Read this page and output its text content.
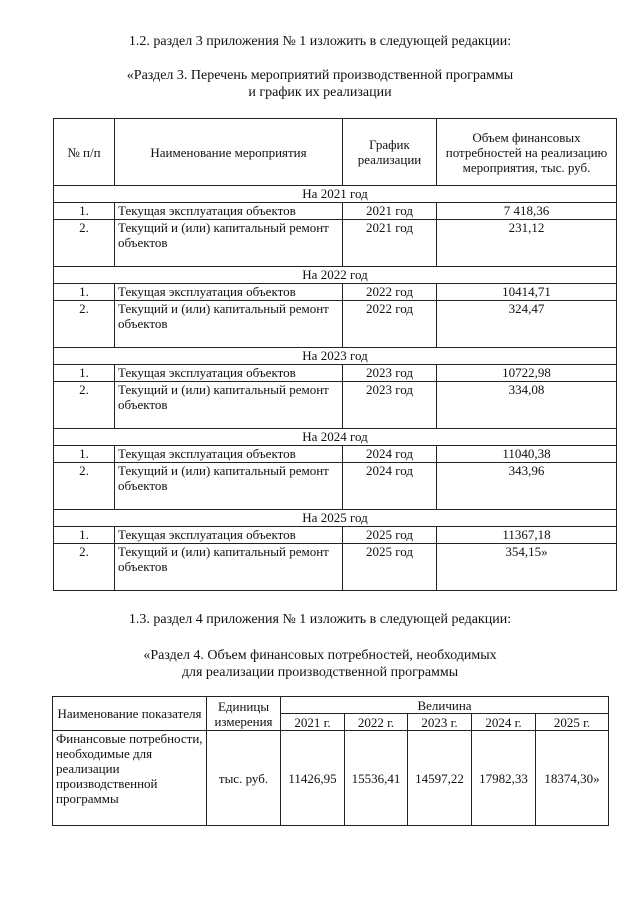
1.2. раздел 3 приложения № 1 изложить в следующей редакции:
«Раздел 3. Перечень мероприятий производственной программы
и график их реализации
№ п/п	Наименование мероприятия	График реализации	Объем финансовых потребностей на реализацию мероприятия, тыс. руб.
На 2021 год			
1.	Текущая эксплуатация объектов	2021 год	7 418,36
2.	Текущий и (или) капитальный ремонт объектов	2021 год	231,12
На 2022 год			
1.	Текущая эксплуатация объектов	2022 год	10414,71
2.	Текущий и (или) капитальный ремонт объектов	2022 год	324,47
На 2023 год			
1.	Текущая эксплуатация объектов	2023 год	10722,98
2.	Текущий и (или) капитальный ремонт объектов	2023 год	334,08
На 2024 год			
1.	Текущая эксплуатация объектов	2024 год	11040,38
2.	Текущий и (или) капитальный ремонт объектов	2024 год	343,96
На 2025 год			
1.	Текущая эксплуатация объектов	2025 год	11367,18
2.	Текущий и (или) капитальный ремонт объектов	2025 год	354,15»
1.3. раздел 4 приложения № 1 изложить в следующей редакции:
«Раздел 4. Объем финансовых потребностей, необходимых
для реализации производственной программы
Наименование показателя	Единицы измерения	Величина				
		2021 г.	2022 г.	2023 г.	2024 г.	2025 г.
Финансовые потребности, необходимые для реализации производственной программы	тыс. руб.	11426,95	15536,41	14597,22	17982,33	18374,30»
